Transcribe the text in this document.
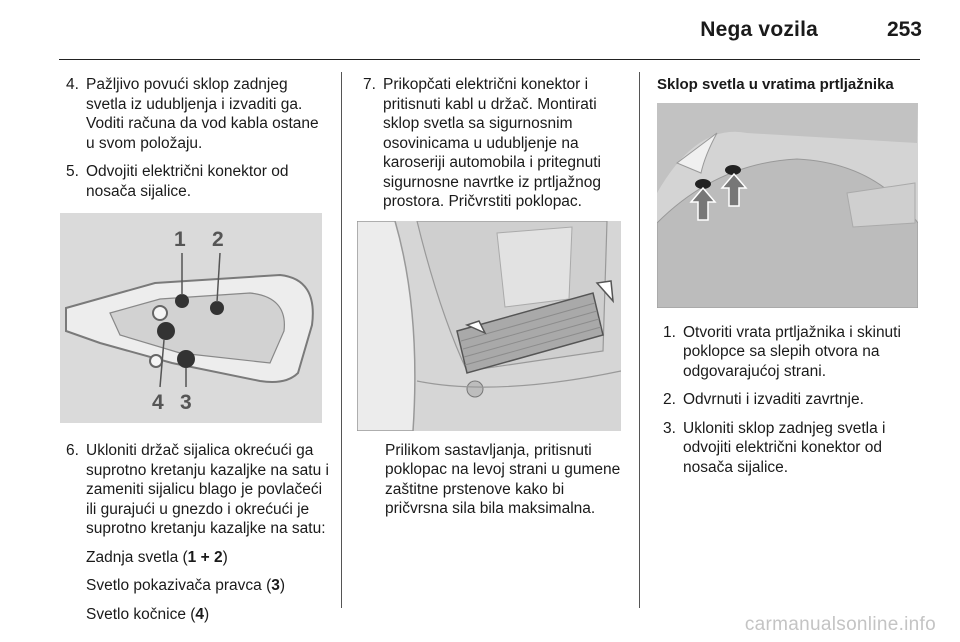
Nega vozila	253
4. Pažljivo povući sklop zadnjeg svetla iz udubljenja i izvaditi ga. Voditi računa da vod kabla ostane u svom položaju.
5. Odvojiti električni konektor od nosača sijalice.
1 2
4 3
6. Ukloniti držač sijalica okrećući ga suprotno kretanju kazaljke na satu i zameniti sijalicu blago je povlačeći ili gurajući u gnezdo i okrećući je suprotno kretanju kazaljke na satu:
Zadnja svetla (1 + 2)
Svetlo pokazivača pravca (3)
Svetlo kočnice (4)
7. Prikopčati električni konektor i pritisnuti kabl u držač. Montirati sklop svetla sa sigurnosnim osovinicama u udubljenje na karoseriji automobila i pritegnuti sigurnosne navrtke iz prtljažnog prostora. Pričvrstiti poklopac.
Prilikom sastavljanja, pritisnuti poklopac na levoj strani u gumene zaštitne prstenove kako bi pričvrsna sila bila maksimalna.
Sklop svetla u vratima prtljažnika
1. Otvoriti vrata prtljažnika i skinuti poklopce sa slepih otvora na odgovarajućoj strani.
2. Odvrnuti i izvaditi zavrtnje.
3. Ukloniti sklop zadnjeg svetla i odvojiti električni konektor od nosača sijalice.
carmanualsonline.info
